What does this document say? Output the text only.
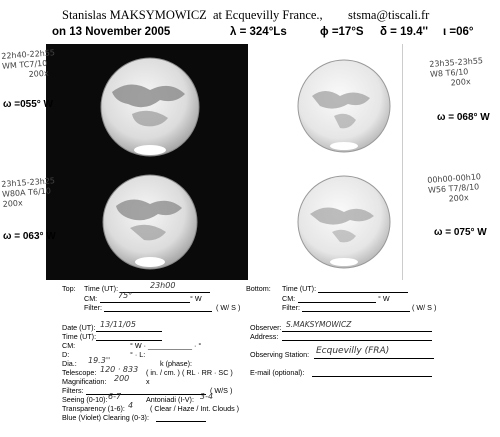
Stanislas MAKSYMOWICZ at Ecquevilly France., stsma@tiscali.fr
on 13 November 2005	λ = 324°Ls	ϕ =17°S δ = 19.4'' ι =06°
22h40-22h55
WM TC7/10
200x
ω =055° W
23h35-23h55
W8 T6/10
200x
ω = 068° W
23h15-23h25
W80A T6/10
200x
ω = 063° W
00h00-00h10
W56 T7/8/10
200x
ω = 075° W
Top: Time (UT):	23h00
CM:	75°	° W
Filter:	( W/ S )
Bottom: Time (UT):
CM:	° W
Filter:	( W/ S )
Date (UT): 13/11/05
Time (UT):
CM:	° W · ___________ · °
D:	° · L:
Dia.: 19.3''	k (phase):
Telescope: 120 · 833 ( in. / cm. ) ( RL · RR · SC )
Magnification: 200 x
Filters:	( W/S )
Seeing (0-10): 6-7	Antoniadi (I-V): 3-4
Transparency (1-6): 4 ( Clear / Haze / Int. Clouds )
Blue (Violet) Clearing (0-3):
Observer: S.MAKSYMOWICZ
Address:
Observing Station: Ecquevilly (FRA)
E-mail (optional):
